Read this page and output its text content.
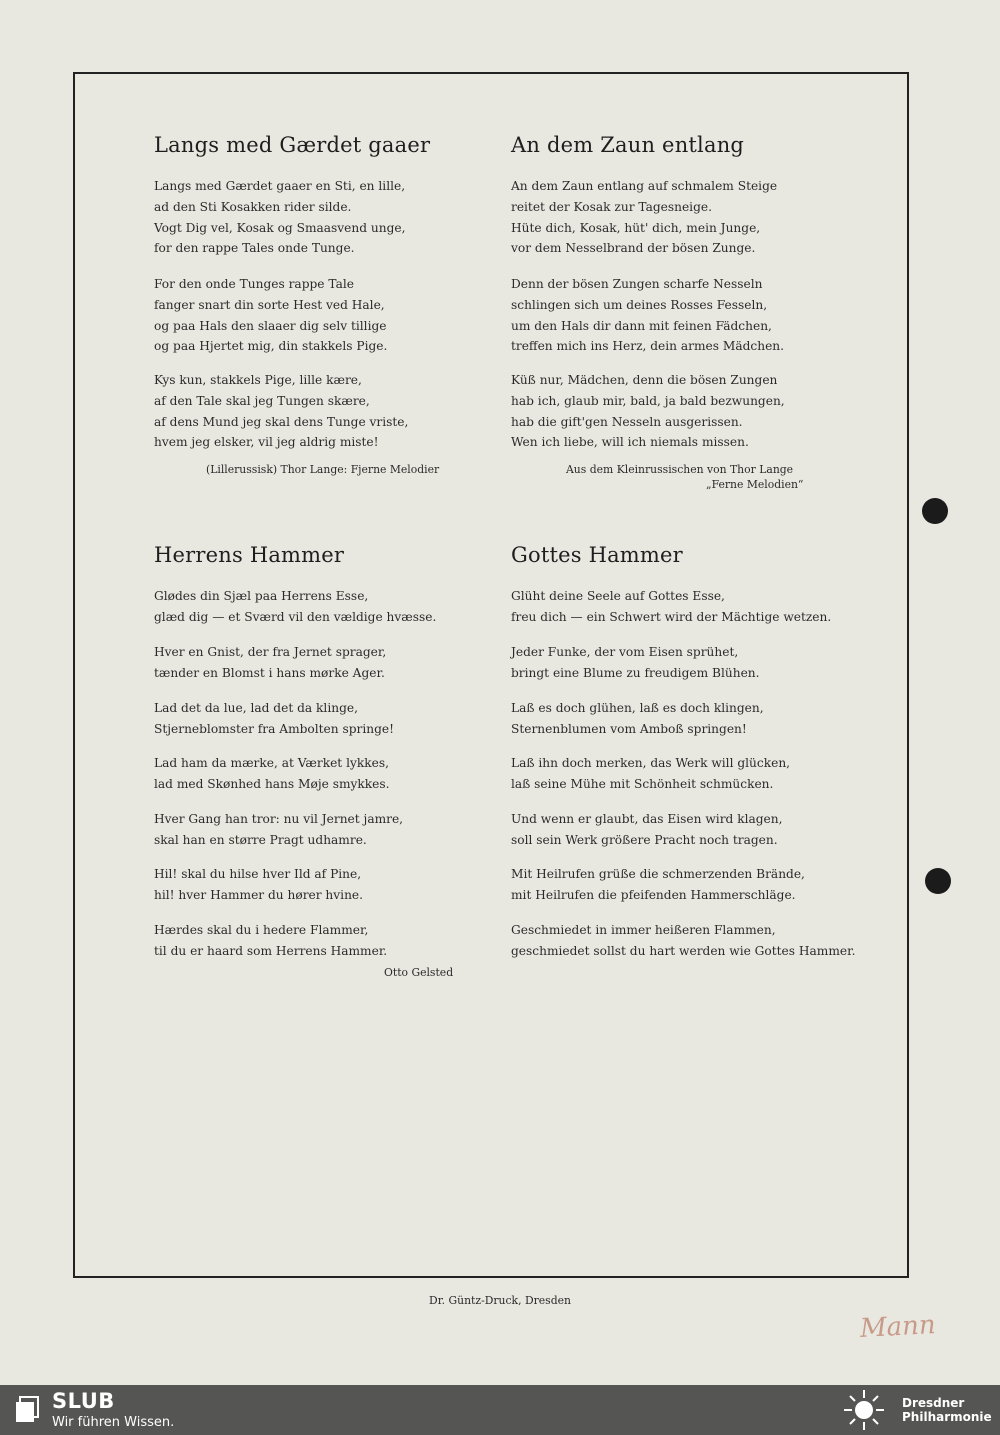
Langs med Gærdet gaaer
Langs med Gærdet gaaer en Sti, en lille,
ad den Sti Kosakken rider silde.
Vogt Dig vel, Kosak og Smaasvend unge,
for den rappe Tales onde Tunge.
For den onde Tunges rappe Tale
fanger snart din sorte Hest ved Hale,
og paa Hals den slaaer dig selv tillige
og paa Hjertet mig, din stakkels Pige.
Kys kun, stakkels Pige, lille kære,
af den Tale skal jeg Tungen skære,
af dens Mund jeg skal dens Tunge vriste,
hvem jeg elsker, vil jeg aldrig miste!
(Lillerussisk) Thor Lange: Fjerne Melodier
Herrens Hammer
Glødes din Sjæl paa Herrens Esse,
glæd dig — et Sværd vil den vældige hvæsse.
Hver en Gnist, der fra Jernet sprager,
tænder en Blomst i hans mørke Ager.
Lad det da lue, lad det da klinge,
Stjerneblomster fra Ambolten springe!
Lad ham da mærke, at Værket lykkes,
lad med Skønhed hans Møje smykkes.
Hver Gang han tror: nu vil Jernet jamre,
skal han en større Pragt udhamre.
Hil! skal du hilse hver Ild af Pine,
hil! hver Hammer du hører hvine.
Hærdes skal du i hedere Flammer,
til du er haard som Herrens Hammer.
Otto Gelsted
An dem Zaun entlang
An dem Zaun entlang auf schmalem Steige
reitet der Kosak zur Tagesneige.
Hüte dich, Kosak, hüt' dich, mein Junge,
vor dem Nesselbrand der bösen Zunge.
Denn der bösen Zungen scharfe Nesseln
schlingen sich um deines Rosses Fesseln,
um den Hals dir dann mit feinen Fädchen,
treffen mich ins Herz, dein armes Mädchen.
Küß nur, Mädchen, denn die bösen Zungen
hab ich, glaub mir, bald, ja bald bezwungen,
hab die gift'gen Nesseln ausgerissen.
Wen ich liebe, will ich niemals missen.
Aus dem Kleinrussischen von Thor Lange
„Ferne Melodien“
Gottes Hammer
Glüht deine Seele auf Gottes Esse,
freu dich — ein Schwert wird der Mächtige wetzen.
Jeder Funke, der vom Eisen sprühet,
bringt eine Blume zu freudigem Blühen.
Laß es doch glühen, laß es doch klingen,
Sternenblumen vom Amboß springen!
Laß ihn doch merken, das Werk will glücken,
laß seine Mühe mit Schönheit schmücken.
Und wenn er glaubt, das Eisen wird klagen,
soll sein Werk größere Pracht noch tragen.
Mit Heilrufen grüße die schmerzenden Brände,
mit Heilrufen die pfeifenden Hammerschläge.
Geschmiedet in immer heißeren Flammen,
geschmiedet sollst du hart werden wie Gottes Hammer.
Dr. Güntz-Druck, Dresden
Mann
SLUB
Wir führen Wissen.
Dresdner
Philharmonie
